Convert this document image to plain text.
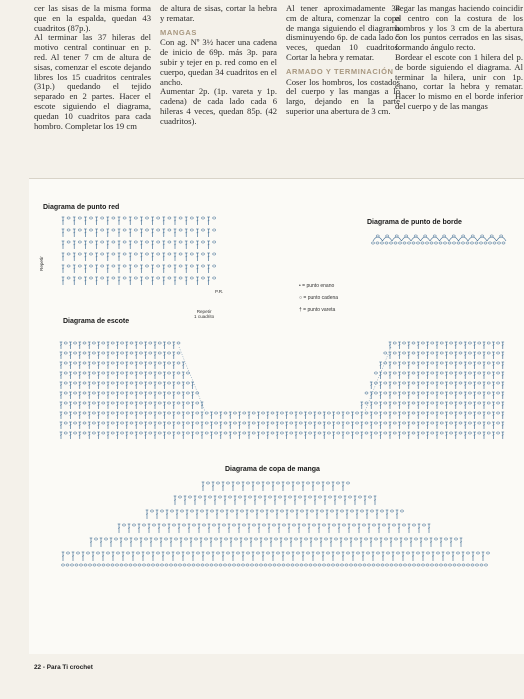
cer las sisas de la misma forma que en la espalda, quedan 43 cuadritos (87p.).

Al terminar las 37 hileras del motivo central continuar en p. red. Al tener 7 cm de altura de sisas, comenzar el escote dejando libres los 15 cuadritos centrales (31p.) quedando el tejido separado en 2 partes. Hacer el escote siguiendo el diagrama, quedan 10 cuadritos para cada hombro. Completar los 19 cm

de altura de sisas, cortar la hebra y rematar.

MANGAS

Con ag. Nº 3½ hacer una cadena de inicio de 69p. más 3p. para subir y tejer en p. red como en el cuerpo, quedan 34 cuadritos en el ancho.

Aumentar 2p. (1p. vareta y 1p. cadena) de cada lado cada 6 hileras 4 veces, quedan 85p. (42 cuadritos).

Al tener aproximadamente 34 cm de altura, comenzar la copa de manga siguiendo el diagrama disminuyendo 6p. de cada lado 5 veces, quedan 10 cuadritos. Cortar la hebra y rematar.

ARMADO Y TERMINACIÓN

Coser los hombros, los costados del cuerpo y las mangas a lo largo, dejando en la parte superior una abertura de 3 cm.

Pegar las mangas haciendo coincidir el centro con la costura de los hombros y los 3 cm de la abertura con los puntos cerrados en las sisas, formando ángulo recto.

Bordear el escote con 1 hilera del p. de borde siguiendo el diagrama. Al terminar la hilera, unir con 1p. enano, cortar la hebra y rematar. Hacer lo mismo en el borde inferior del cuerpo y de las mangas

Diagrama de punto red
Diagrama de punto de borde
Diagrama de escote
Diagrama de copa de manga
Repetir
Repetir
1 cuadrito
P.R.
• = punto enano
○ = punto cadena
† = punto vareta
22 - Para Ti crochet
